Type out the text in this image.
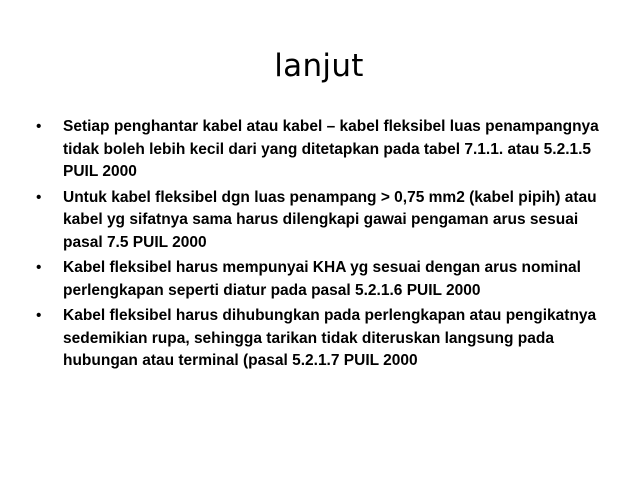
lanjut
• Setiap penghantar kabel atau kabel – kabel fleksibel luas penampangnya tidak boleh lebih kecil dari yang ditetapkan pada tabel 7.1.1. atau 5.2.1.5 PUIL 2000
• Untuk kabel fleksibel dgn luas penampang > 0,75 mm2 (kabel pipih) atau kabel yg sifatnya sama harus dilengkapi gawai pengaman arus sesuai pasal 7.5 PUIL 2000
• Kabel fleksibel harus mempunyai KHA yg sesuai dengan arus nominal perlengkapan seperti diatur pada pasal 5.2.1.6 PUIL 2000
• Kabel fleksibel harus dihubungkan pada perlengkapan atau pengikatnya sedemikian rupa, sehingga tarikan tidak diteruskan langsung pada hubungan atau terminal (pasal 5.2.1.7 PUIL 2000
